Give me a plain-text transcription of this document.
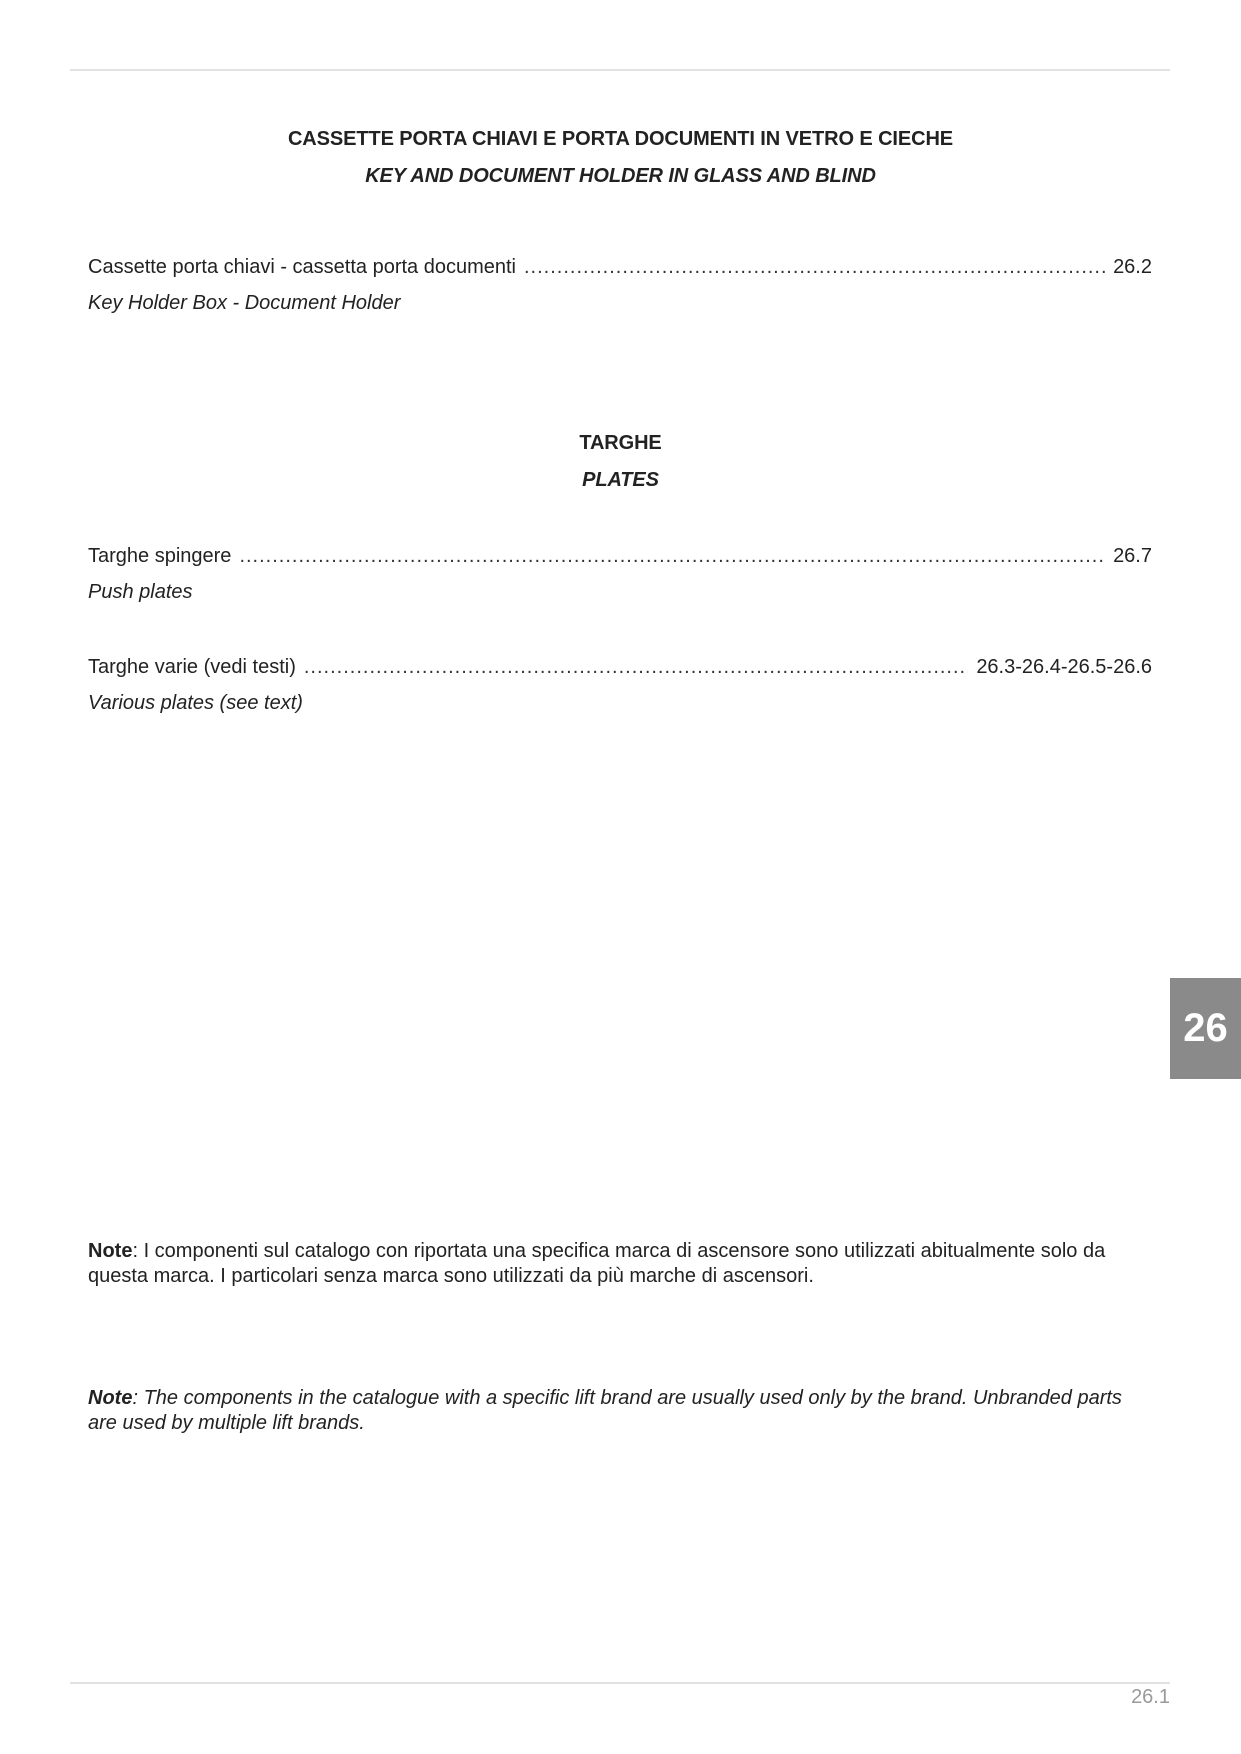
CASSETTE PORTA CHIAVI E PORTA DOCUMENTI IN VETRO E CIECHE
KEY AND DOCUMENT HOLDER IN GLASS AND BLIND
Cassette porta chiavi - cassetta porta documenti .....	26.2
Key Holder Box - Document Holder
TARGHE
PLATES
Targhe spingere .....	26.7
Push plates
Targhe varie (vedi testi) .....	26.3-26.4-26.5-26.6
Various plates (see text)
26
Note: I componenti sul catalogo con riportata una specifica marca di ascensore sono utilizzati abitualmente solo da questa marca. I particolari senza marca sono utilizzati da più marche di ascensori.
Note: The components in the catalogue with a specific lift brand are usually used only by the brand. Unbranded parts are used by multiple lift brands.
26.1
